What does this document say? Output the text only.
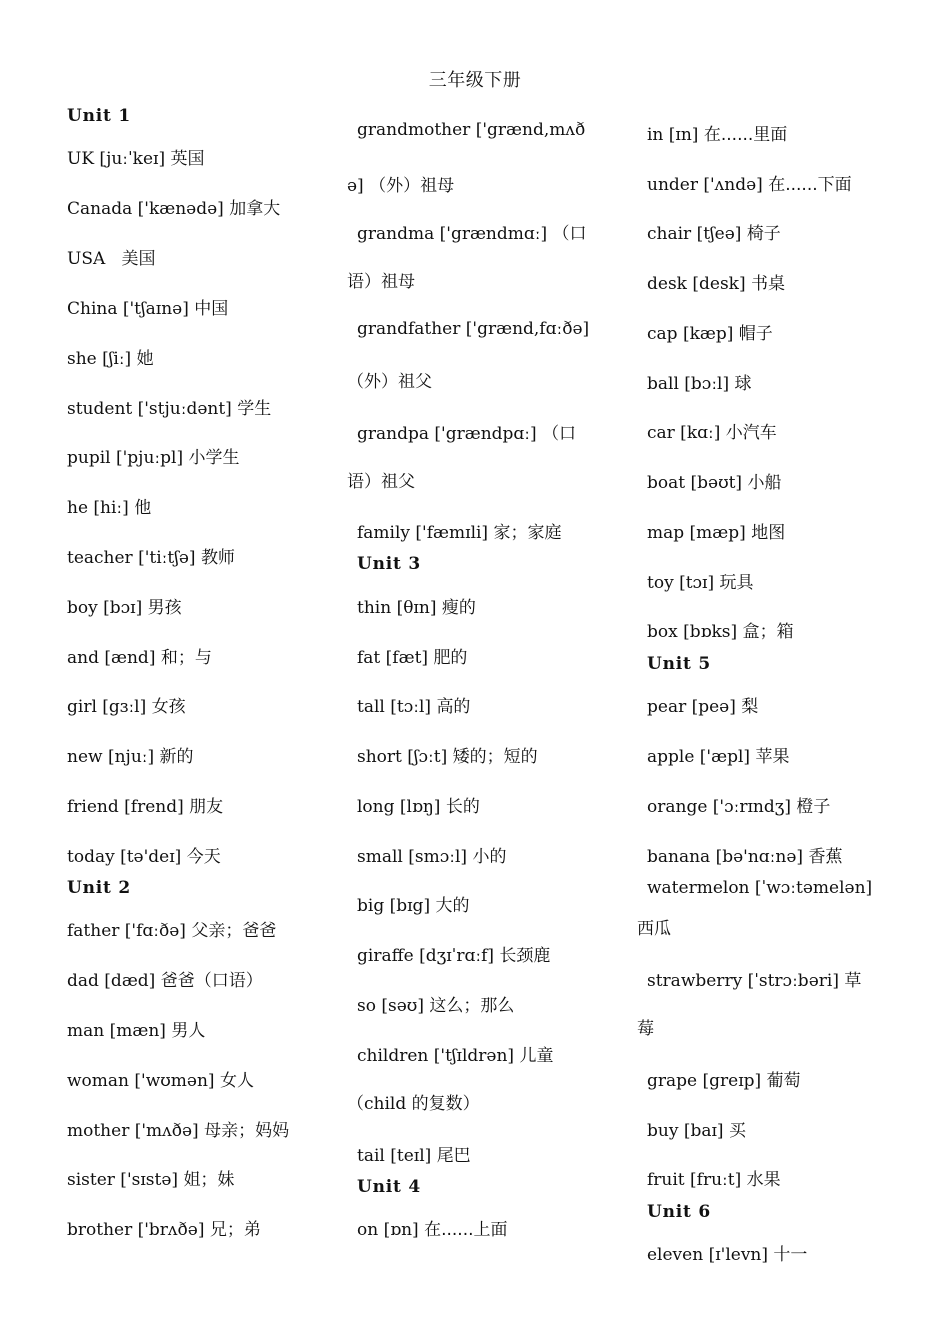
三年级下册
Unit 1
UK [juːˈkeɪ] 英国
Canada ['kænədə] 加拿大
USA 美国
China ['tʃaɪnə] 中国
she [ʃiː] 她
student ['stjuːdənt] 学生
pupil ['pjuːpl] 小学生
he [hiː] 他
teacher ['tiːtʃə] 教师
boy [bɔɪ] 男孩
and [ænd] 和；与
girl [gɜːl] 女孩
new [njuː] 新的
friend [frend] 朋友
today [tə'deɪ] 今天
Unit 2
father ['fɑːðə] 父亲；爸爸
dad [dæd] 爸爸（口语）
man [mæn] 男人
woman ['wʊmən] 女人
mother ['mʌðə] 母亲；妈妈
sister ['sɪstə] 姐；妹
brother ['brʌðə] 兄；弟
grandmother ['grænd,mʌð
ə] （外）祖母
grandma ['grændmɑː] （口
语）祖母
grandfather ['grænd,fɑːðə]
（外）祖父
grandpa ['grændpɑː] （口
语）祖父
family ['fæmɪli] 家；家庭
Unit 3
thin [θɪn] 瘦的
fat [fæt] 肥的
tall [tɔːl] 高的
short [ʃɔːt] 矮的；短的
long [lɒŋ] 长的
small [smɔːl] 小的
big [bɪg] 大的
giraffe [dʒɪˈrɑːf] 长颈鹿
so [səʊ] 这么；那么
children ['tʃɪldrən] 儿童
（child 的复数）
tail [teɪl] 尾巴
Unit 4
on [ɒn] 在......上面
in [ɪn] 在......里面
under ['ʌndə] 在......下面
chair [tʃeə] 椅子
desk [desk] 书桌
cap [kæp] 帽子
ball [bɔːl] 球
car [kɑː] 小汽车
boat [bəʊt] 小船
map [mæp] 地图
toy [tɔɪ] 玩具
box [bɒks] 盒；箱
Unit 5
pear [peə] 梨
apple ['æpl] 苹果
orange ['ɔːrɪndʒ] 橙子
banana [bə'nɑːnə] 香蕉
watermelon [ˈwɔːtəmelən]
西瓜
strawberry [ˈstrɔːbəri] 草
莓
grape [greɪp] 葡萄
buy [baɪ] 买
fruit [fruːt] 水果
Unit 6
eleven [ɪ'levn] 十一
